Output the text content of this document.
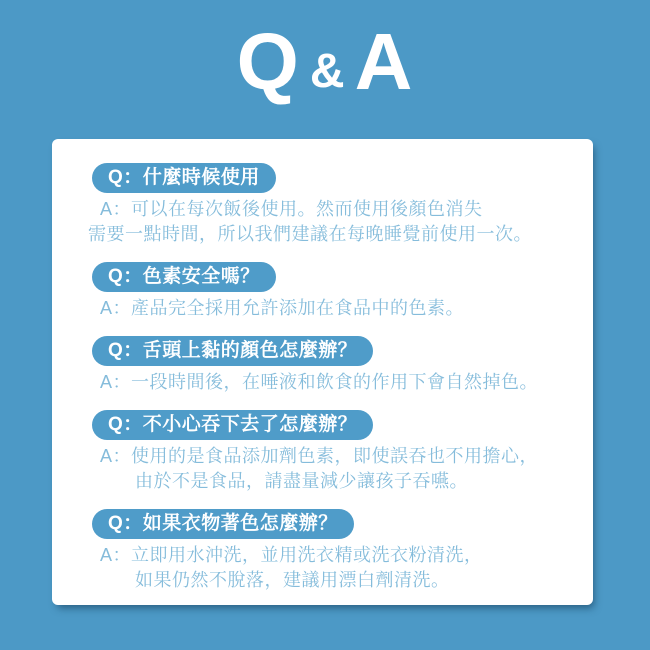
Q & A
Q：什麼時候使用
A：可以在每次飯後使用。然而使用後顏色消失
需要一點時間，所以我們建議在每晚睡覺前使用一次。
Q：色素安全嗎？
A：產品完全採用允許添加在食品中的色素。
Q：舌頭上黏的顏色怎麼辦？
A：一段時間後，在唾液和飲食的作用下會自然掉色。
Q：不小心吞下去了怎麼辦？
A：使用的是食品添加劑色素，即使誤吞也不用擔心，
由於不是食品，請盡量減少讓孩子吞嚥。
Q：如果衣物著色怎麼辦？
A：立即用水沖洗，並用洗衣精或洗衣粉清洗，
如果仍然不脫落，建議用漂白劑清洗。
